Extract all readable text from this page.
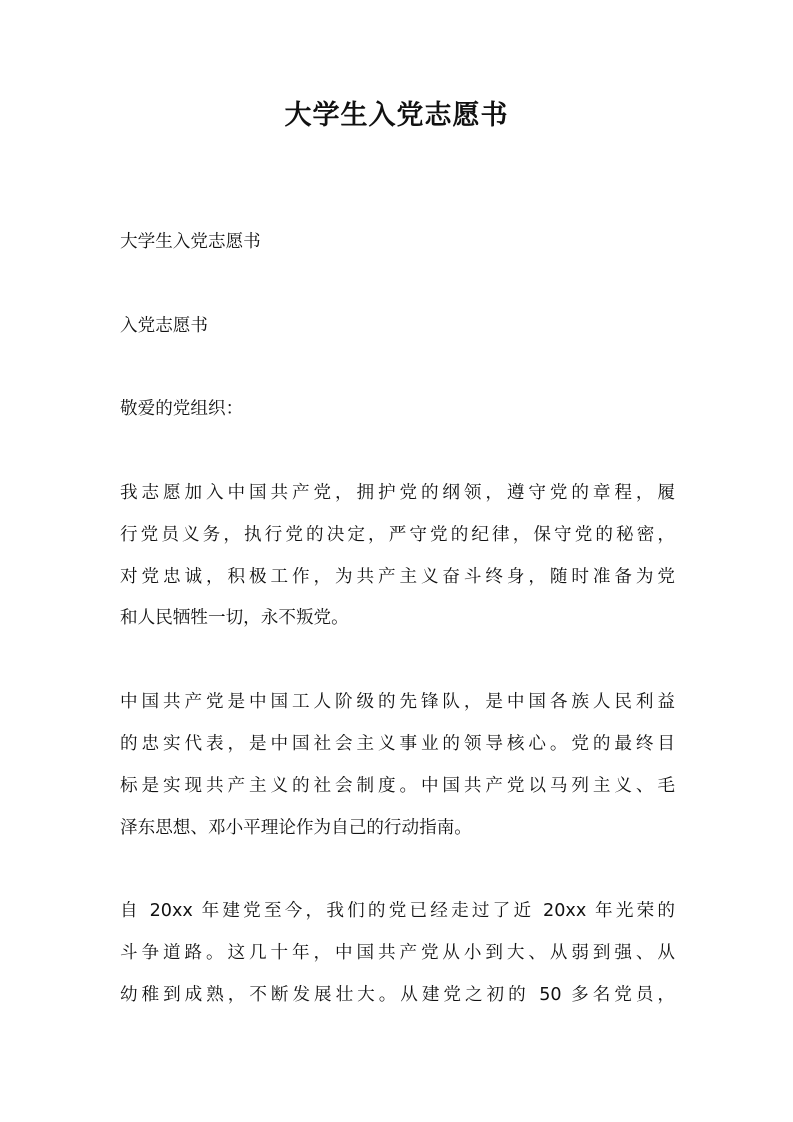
大学生入党志愿书

大学生入党志愿书

入党志愿书

敬爱的党组织：

我志愿加入中国共产党，拥护党的纲领，遵守党的章程，履

行党员义务，执行党的决定，严守党的纪律，保守党的秘密，

对党忠诚，积极工作，为共产主义奋斗终身，随时准备为党

和人民牺牲一切，永不叛党。

中国共产党是中国工人阶级的先锋队，是中国各族人民利益

的忠实代表，是中国社会主义事业的领导核心。党的最终目

标是实现共产主义的社会制度。中国共产党以马列主义、毛

泽东思想、邓小平理论作为自己的行动指南。

自 20xx 年建党至今，我们的党已经走过了近 20xx 年光荣的

斗争道路。这几十年，中国共产党从小到大、从弱到强、从

幼稚到成熟，不断发展壮大。从建党之初的 50 多名党员，
